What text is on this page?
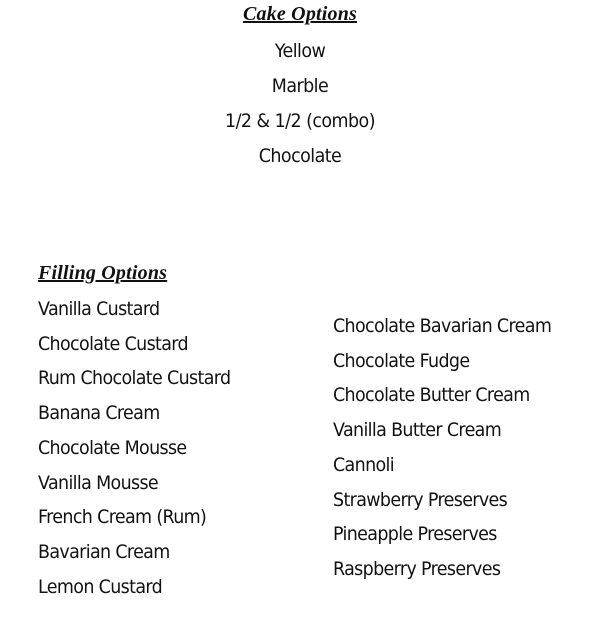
Cake Options
Yellow
Marble
1/2 & 1/2 (combo)
Chocolate
Filling Options
Vanilla Custard
Chocolate Custard
Rum Chocolate Custard
Banana Cream
Chocolate Mousse
Vanilla Mousse
French Cream (Rum)
Bavarian Cream
Lemon Custard
Chocolate Bavarian Cream
Chocolate Fudge
Chocolate Butter Cream
Vanilla Butter Cream
Cannoli
Strawberry Preserves
Pineapple Preserves
Raspberry Preserves
